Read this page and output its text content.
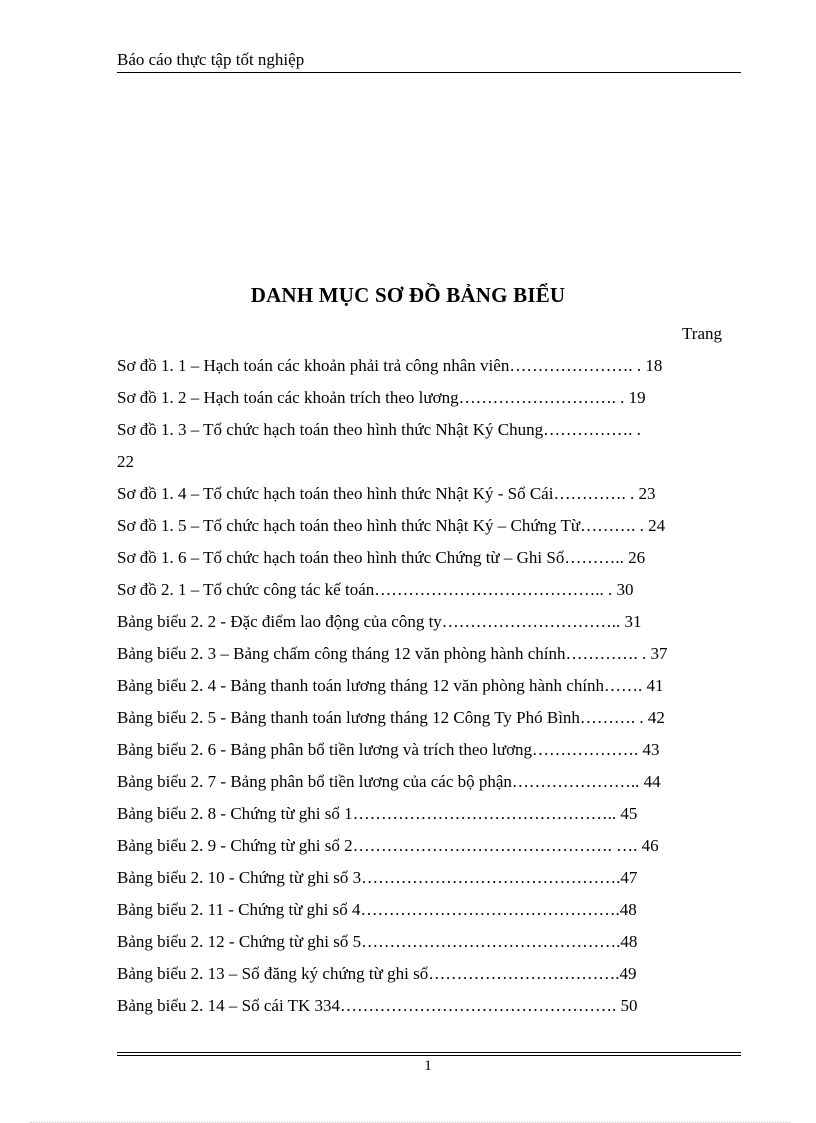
Báo cáo thực tập tốt nghiệp
DANH MỤC SƠ ĐỒ BẢNG BIỂU
Trang
Sơ đồ 1. 1 – Hạch toán các khoản phải trả công nhân viên…………………. . 18
Sơ đồ 1. 2 – Hạch toán các khoản trích theo lương………………………. . 19
Sơ đồ 1. 3 – Tổ chức hạch toán theo hình thức Nhật Ký Chung……………. .
22
Sơ đồ 1. 4 – Tổ chức hạch toán theo hình thức Nhật Ký - Sổ Cái…………. . 23
Sơ đồ 1. 5 – Tổ chức hạch toán theo hình thức Nhật Ký – Chứng Từ………. . 24
Sơ đồ 1. 6 – Tổ chức hạch toán theo hình thức Chứng từ – Ghi Sổ……….. 26
Sơ đồ 2. 1 – Tổ chức công tác kế toán………………………………….. . 30
Bảng biểu 2. 2 - Đặc điểm lao động của công ty………………………….. 31
Bảng biểu 2. 3 – Bảng chấm công tháng 12 văn phòng hành chính…………. . 37
Bảng biểu 2. 4 - Bảng thanh toán lương tháng 12 văn phòng hành chính……. 41
Bảng biểu 2. 5 - Bảng thanh toán lương tháng 12 Công Ty Phó Bình………. . 42
Bảng biểu 2. 6 - Bảng phân bổ tiền lương và trích theo lương………………. 43
Bảng biểu 2. 7 - Bảng phân bổ tiền lương của các bộ phận………………….. 44
Bảng biểu 2. 8 - Chứng từ ghi sổ 1……………………………………….. 45
Bảng biểu 2. 9 - Chứng từ ghi sổ 2………………………………………. …. 46
Bảng biểu 2. 10 - Chứng từ ghi sổ 3……………………………………….47
Bảng biểu 2. 11 - Chứng từ ghi sổ 4……………………………………….48
Bảng biểu 2. 12 - Chứng từ ghi sổ 5……………………………………….48
Bảng biểu 2. 13 – Sổ đăng ký chứng từ ghi sổ…………………………….49
Bảng biểu 2. 14 – Sổ cái TK 334…………………………………………. 50
1
